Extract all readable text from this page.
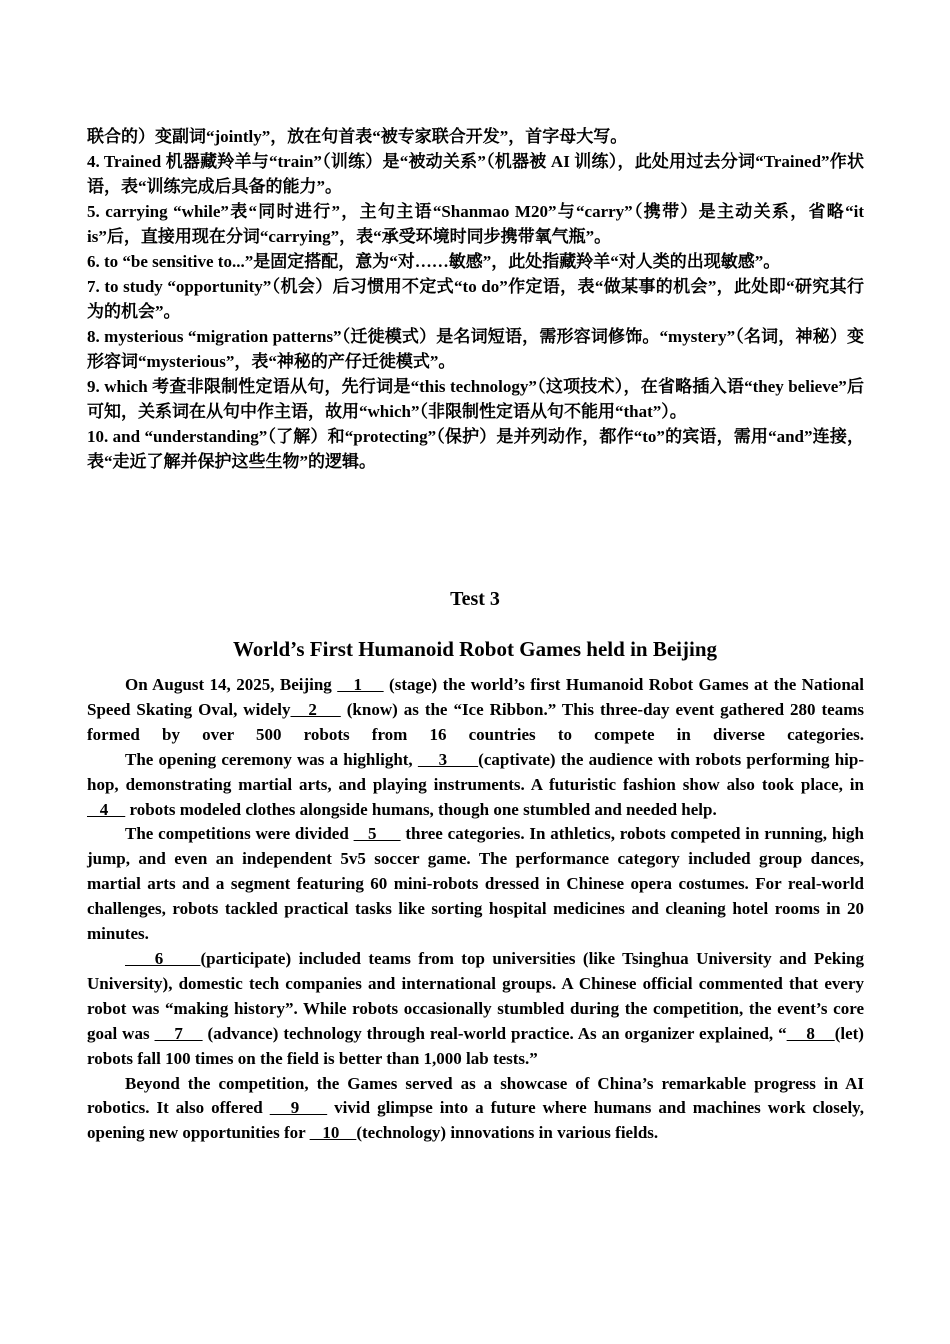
联合的）变副词“jointly”，放在句首表“被专家联合开发”，首字母大写。

4. Trained 机器藏羚羊与“train”（训练）是“被动关系”（机器被 AI 训练），此处用过去分词“Trained”作状语，表“训练完成后具备的能力”。

5. carrying “while”表“同时进行”，主句主语“Shanmao M20”与“carry”（携带）是主动关系，省略“it is”后，直接用现在分词“carrying”，表“承受环境时同步携带氧气瓶”。

6. to “be sensitive to...”是固定搭配，意为“对……敏感”，此处指藏羚羊“对人类的出现敏感”。

7. to study “opportunity”（机会）后习惯用不定式“to do”作定语，表“做某事的机会”，此处即“研究其行为的机会”。

8. mysterious “migration patterns”（迁徙模式）是名词短语，需形容词修饰。“mystery”（名词，神秘）变形容词“mysterious”，表“神秘的产仔迁徙模式”。

9. which 考查非限制性定语从句，先行词是“this technology”（这项技术），在省略插入语“they believe”后可知，关系词在从句中作主语，故用“which”（非限制性定语从句不能用“that”）。

10. and “understanding”（了解）和“protecting”（保护）是并列动作，都作“to”的宾语，需用“and”连接，表“走近了解并保护这些生物”的逻辑。

Test 3
World’s First Humanoid Robot Games held in Beijing

On August 14, 2025, Beijing    1     (stage) the world’s first Humanoid Robot Games at the National Speed Skating Oval, widely   2     (know) as the “Ice Ribbon.” This three-day event gathered 280 teams formed by over 500 robots from 16 countries to compete in diverse categories.

The opening ceremony was a highlight,     3      (captivate) the audience with robots performing hip-hop, demonstrating martial arts, and playing instruments. A futuristic fashion show also took place, in    4     robots modeled clothes alongside humans, though one stumbled and needed help.

The competitions were divided    5      three categories. In athletics, robots competed in running, high jump, and even an independent 5v5 soccer game. The performance category included group dances, martial arts and a segment featuring 60 mini-robots dressed in Chinese opera costumes. For real-world challenges, robots tackled practical tasks like sorting hospital medicines and cleaning hotel rooms in 20 minutes.

6     (participate) included teams from top universities (like Tsinghua University and Peking University), domestic tech companies and international groups. A Chinese official commented that every robot was “making history”. While robots occasionally stumbled during the competition, the event’s core goal was     7     (advance) technology through real-world practice. As an organizer explained, “    8    (let) robots fall 100 times on the field is better than 1,000 lab tests.”

Beyond the competition, the Games served as a showcase of China’s remarkable progress in AI robotics. It also offered    9     vivid glimpse into a future where humans and machines work closely, opening new opportunities for    10    (technology) innovations in various fields.
